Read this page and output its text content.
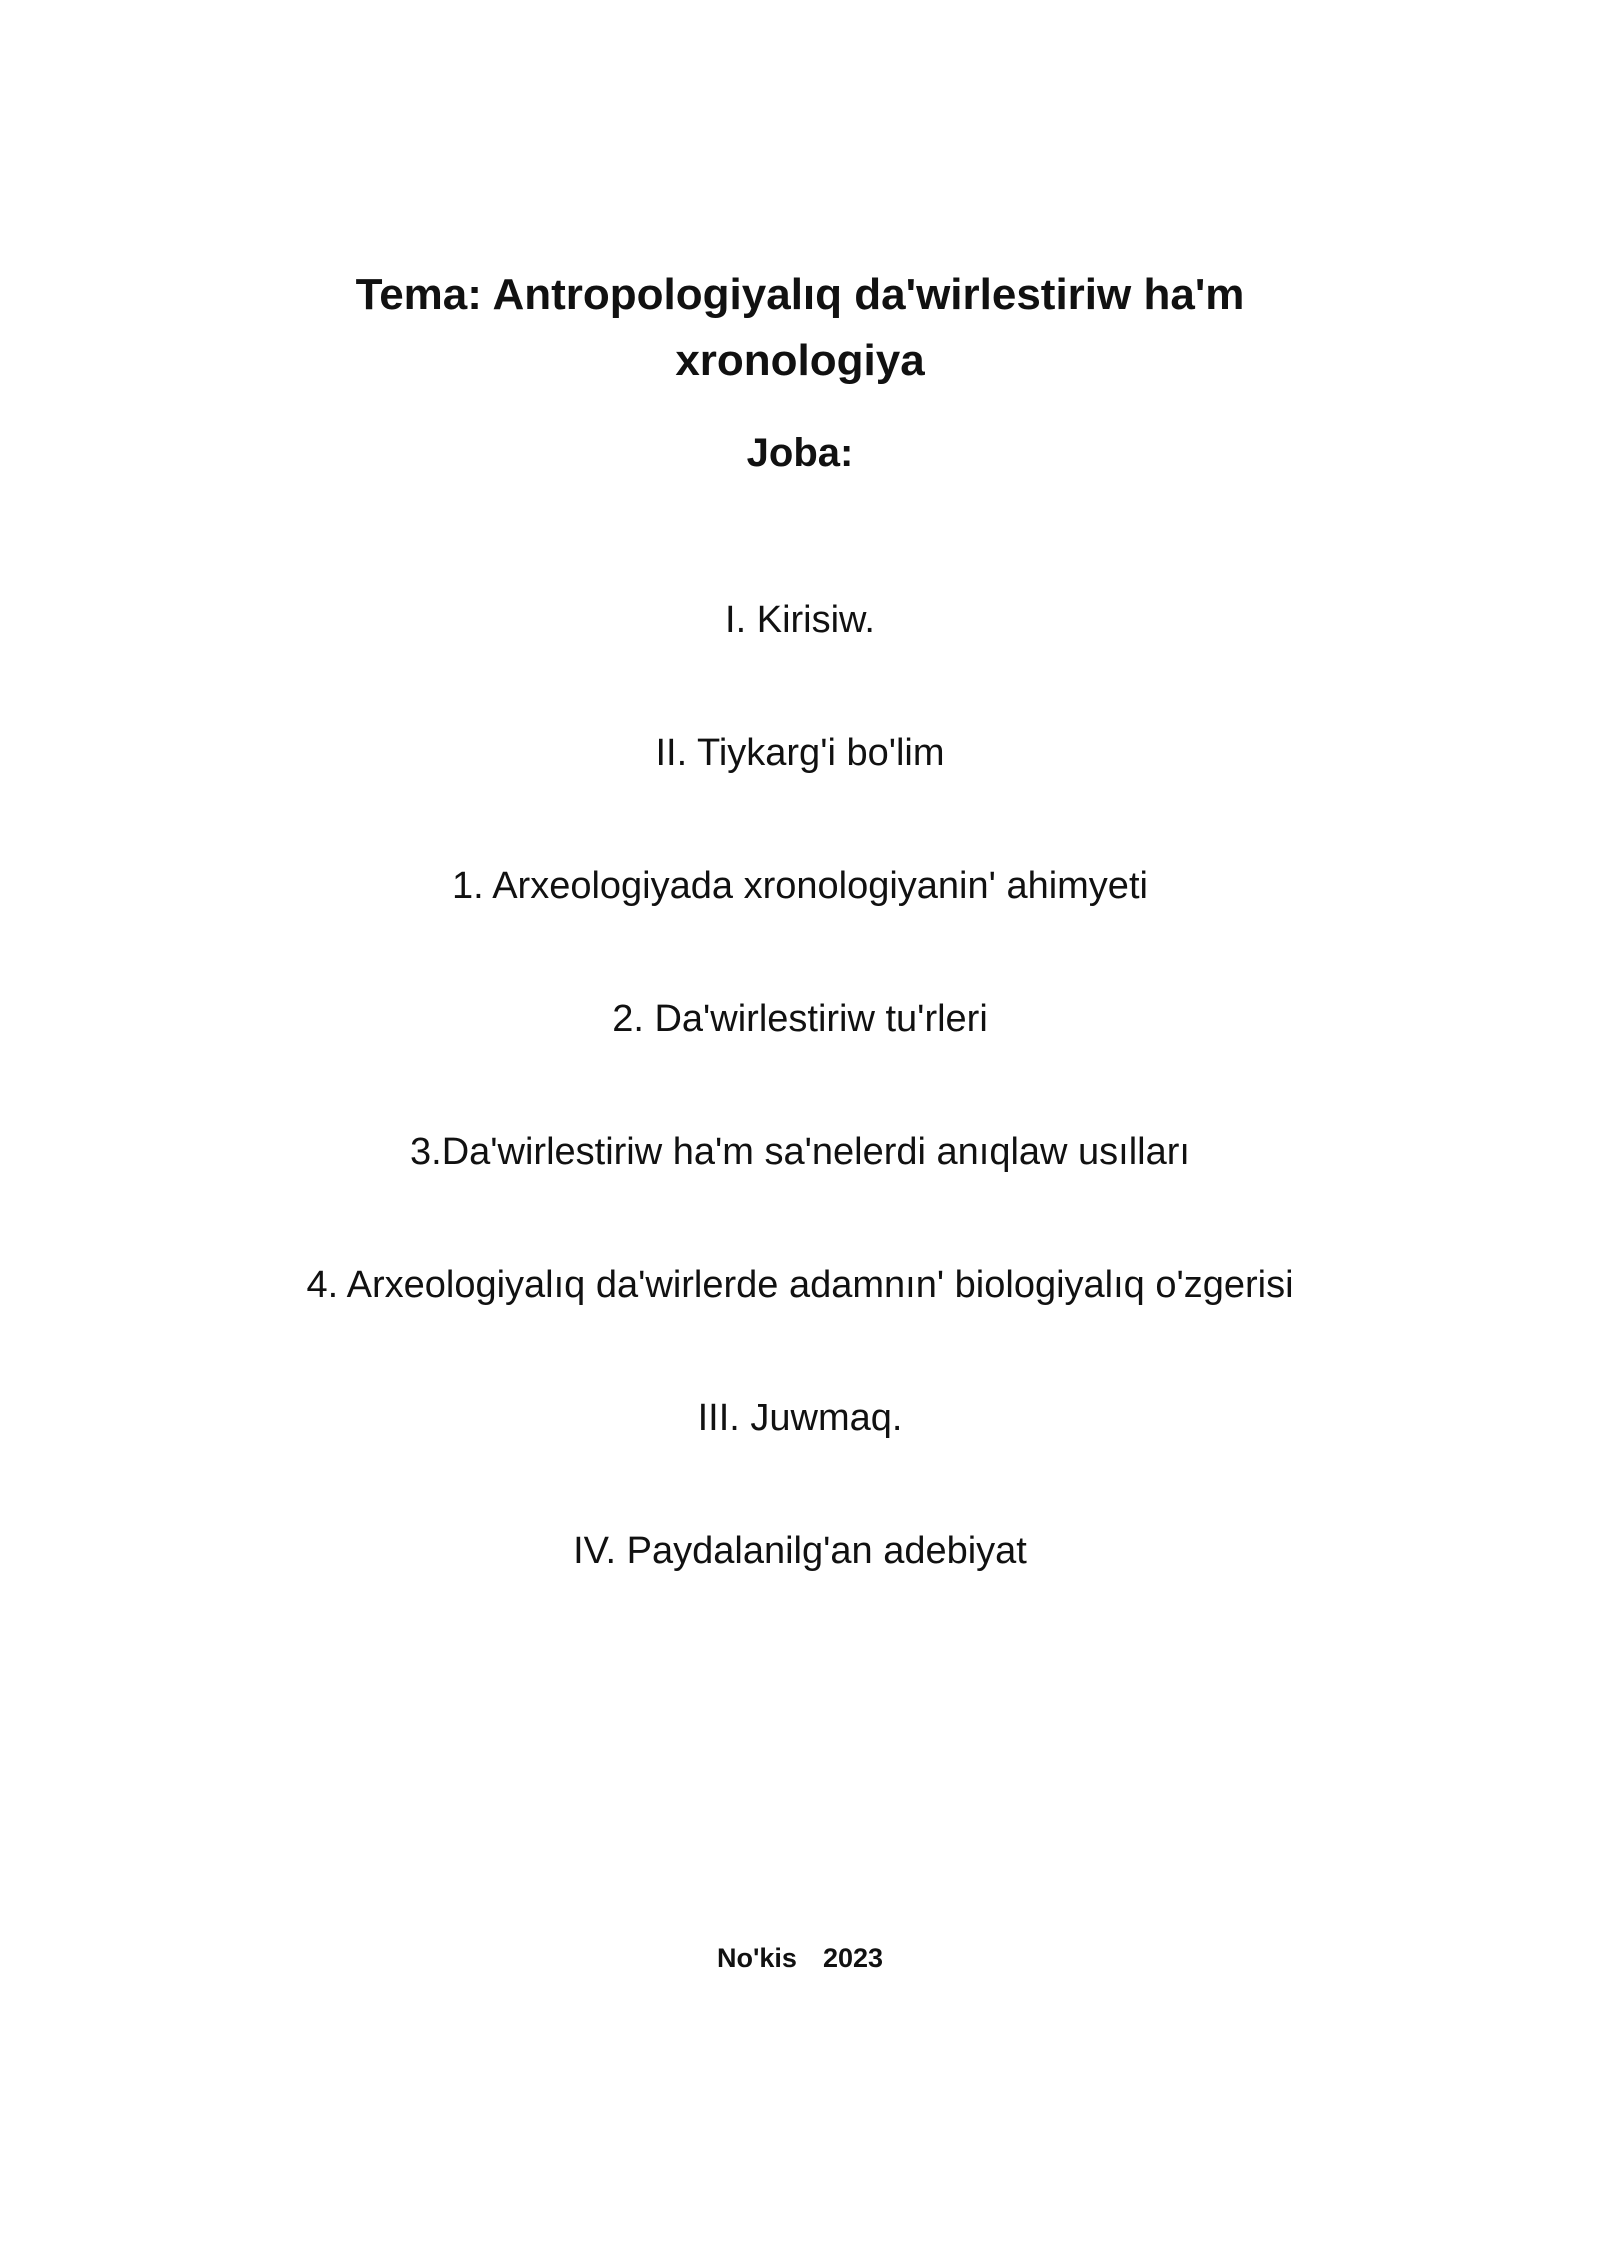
Tema: Antropologiyalıq da'wirlestiriw ha'm
xronologiya
Joba:
I. Kirisiw.
II. Tiykarg'i bo'lim
1. Arxeologiyada xronologiyanin' ahimyeti
2. Da'wirlestiriw tu'rleri
3.Da'wirlestiriw ha'm sa'nelerdi anıqlaw usılları
4. Arxeologiyalıq da'wirlerde adamnın' biologiyalıq o'zgerisi
III. Juwmaq.
IV. Paydalanilg'an adebiyat
No'kis 2023
